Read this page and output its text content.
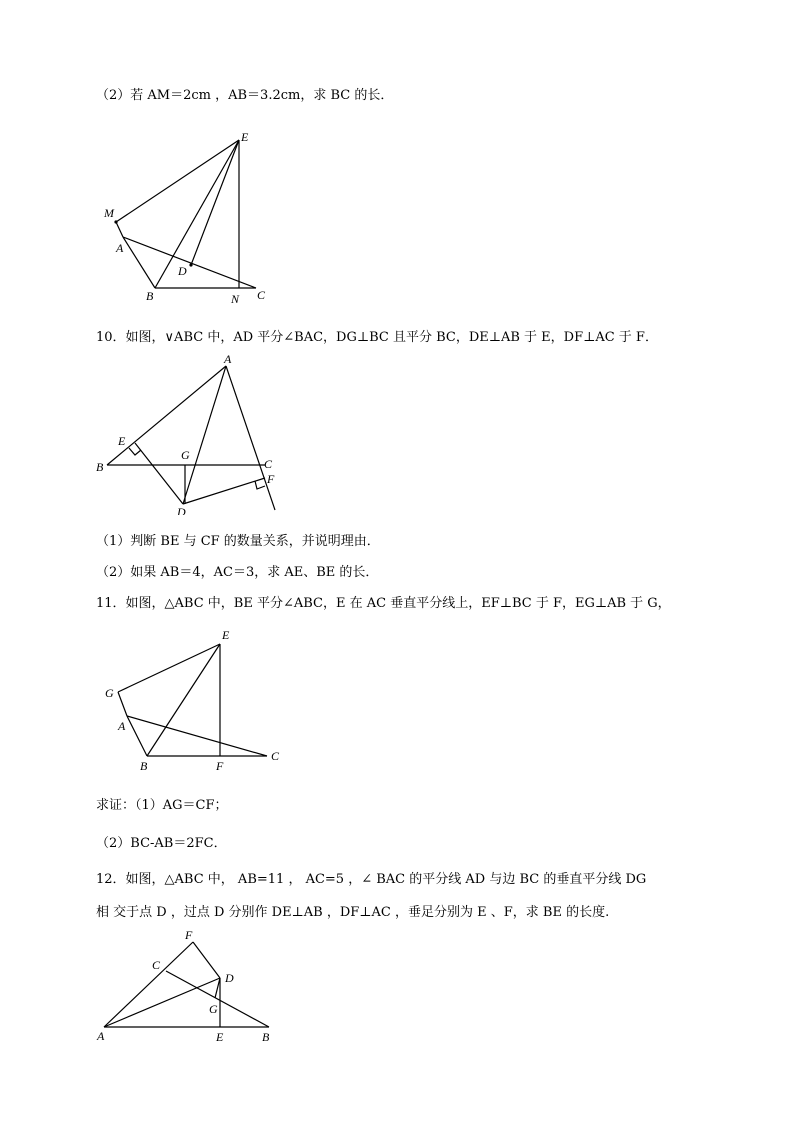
（2）若 AM＝2cm ，AB＝3.2cm，求 BC 的长．
E
M
A
D
B	N C
10．如图，∨ABC 中，AD 平分∠BAC，DG⊥BC 且平分 BC，DE⊥AB 于 E，DF⊥AC 于 F．
A
E
B
G
C
F
D
（1）判断 BE 与 CF 的数量关系，并说明理由．
（2）如果 AB＝4，AC＝3，求 AE、BE 的长．
11．如图，△ABC 中，BE 平分∠ABC，E 在 AC 垂直平分线上，EF⊥BC 于 F，EG⊥AB 于 G，
E
G
A
B	F
C
求证：（1）AG＝CF；
（2）BC-AB＝2FC．
12．如图，△ABC 中， AB=11 ， AC=5 ，∠ BAC 的平分线 AD 与边 BC 的垂直平分线 DG
相 交于点 D ，过点 D 分别作 DE⊥AB ，DF⊥AC ，垂足分别为 E 、F，求 BE 的长度.
F
C
D
G
A	E	B
